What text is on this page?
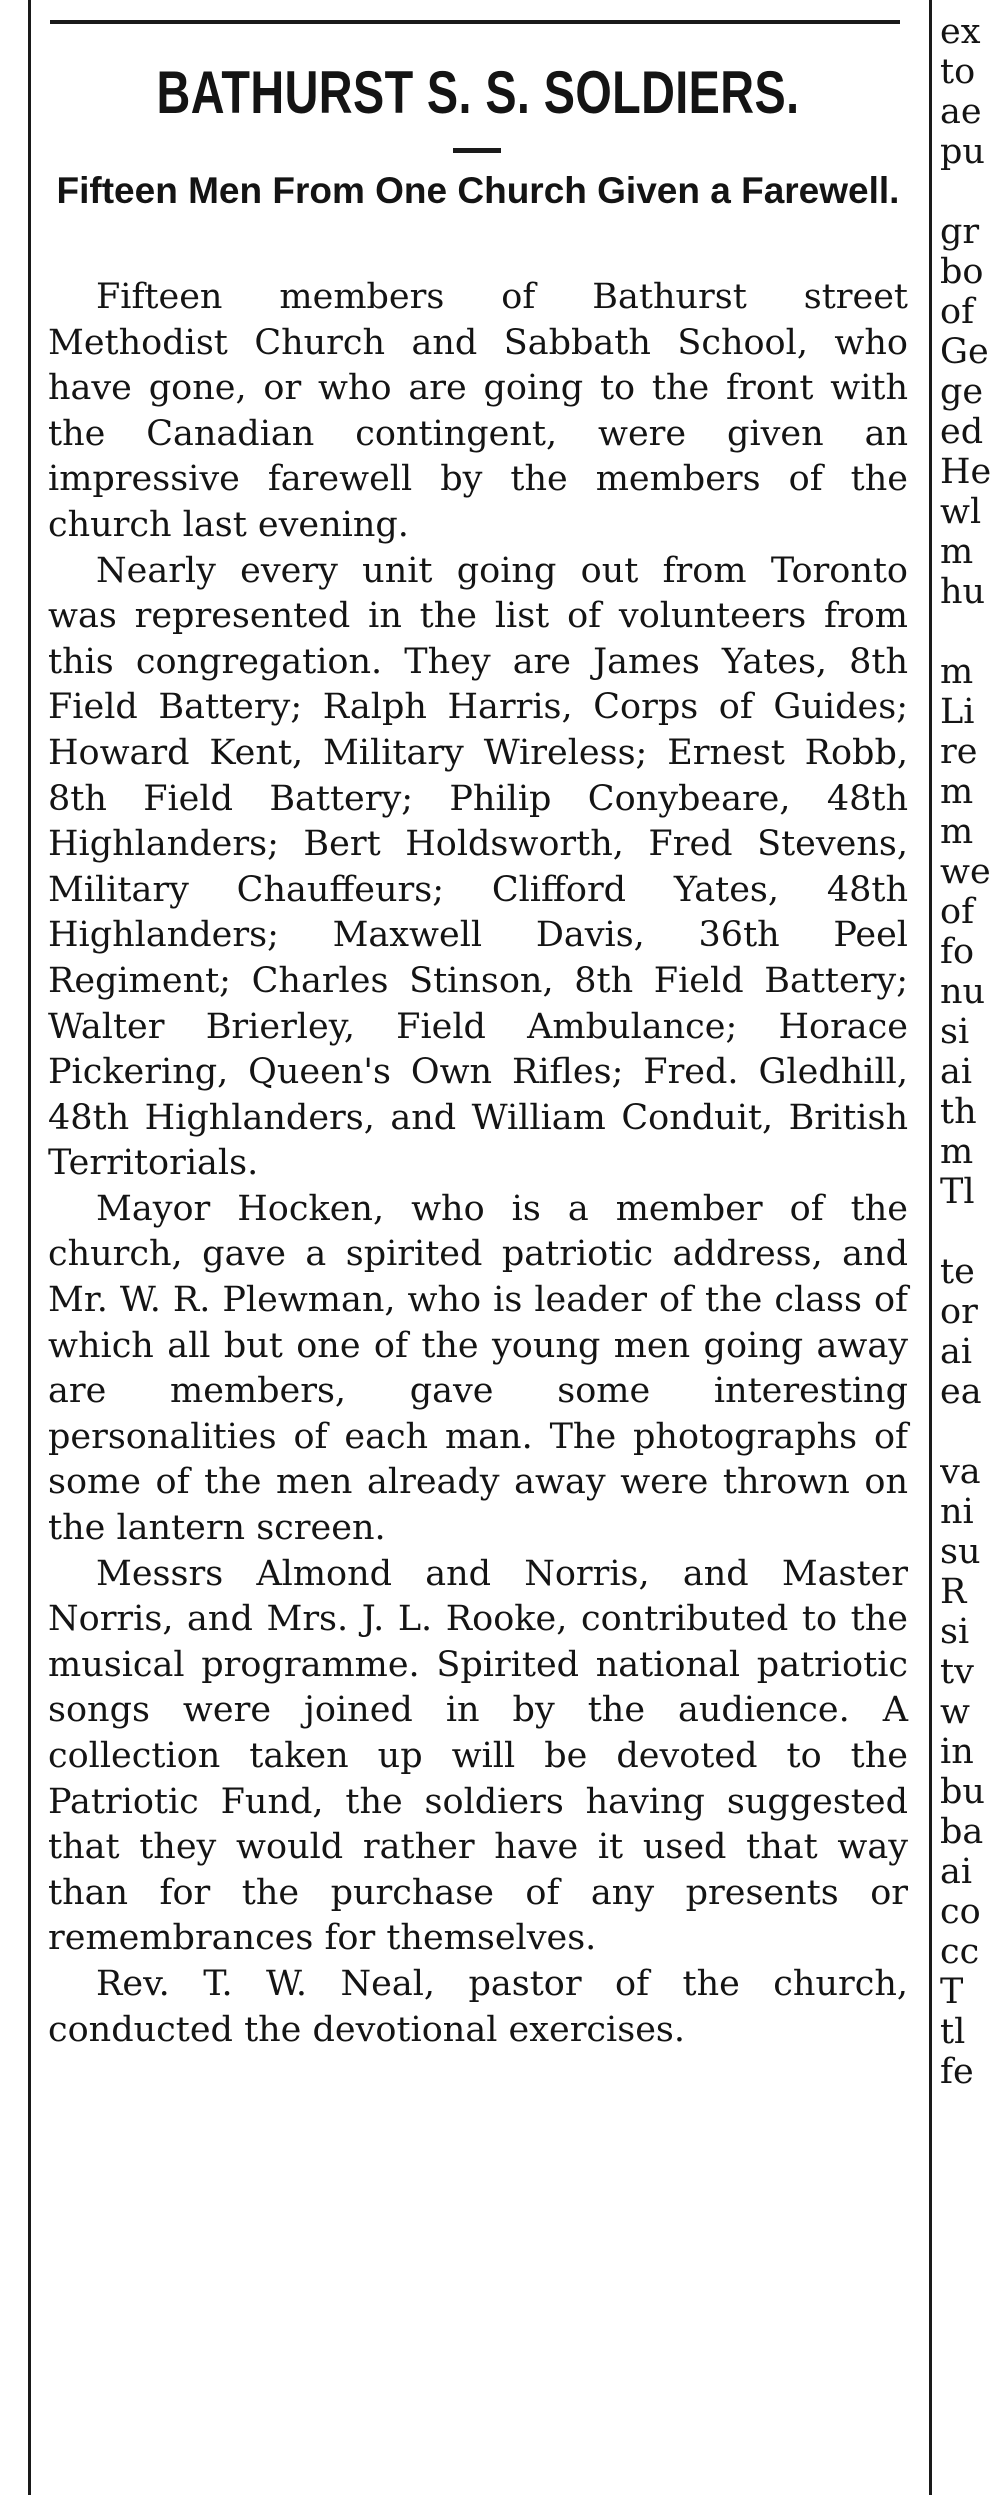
BATHURST S. S. SOLDIERS.
Fifteen Men From One Church Given a Farewell.

Fifteen members of Bathurst street Methodist Church and Sabbath School, who have gone, or who are going to the front with the Canadian contingent, were given an impressive farewell by the members of the church last evening.

Nearly every unit going out from Toronto was represented in the list of volunteers from this congregation. They are James Yates, 8th Field Battery; Ralph Harris, Corps of Guides; Howard Kent, Military Wireless; Ernest Robb, 8th Field Battery; Philip Conybeare, 48th Highlanders; Bert Holdsworth, Fred Stevens, Military Chauffeurs; Clifford Yates, 48th Highlanders; Maxwell Davis, 36th Peel Regiment; Charles Stinson, 8th Field Battery; Walter Brierley, Field Ambulance; Horace Pickering, Queen's Own Rifles; Fred. Gledhill, 48th Highlanders, and William Conduit, British Territorials.

Mayor Hocken, who is a member of the church, gave a spirited patriotic address, and Mr. W. R. Plewman, who is leader of the class of which all but one of the young men going away are members, gave some interesting personalities of each man. The photographs of some of the men already away were thrown on the lantern screen.

Messrs Almond and Norris, and Master Norris, and Mrs. J. L. Rooke, contributed to the musical programme. Spirited national patriotic songs were joined in by the audience. A collection taken up will be devoted to the Patriotic Fund, the soldiers having suggested that they would rather have it used that way than for the purchase of any presents or remembrances for themselves.

Rev. T. W. Neal, pastor of the church, conducted the devotional exercises.

ex
to
ae
pu
gr
bo
of
Ge
ge
ed
He
wl
m
hu
m
Li
re
m
m
we
of
fo
nu
si
ai
th
m
Tl
te
or
ai
ea
va
ni
su
R
si
tv
w
in
bu
ba
ai
co
cc
T
tl
fe
